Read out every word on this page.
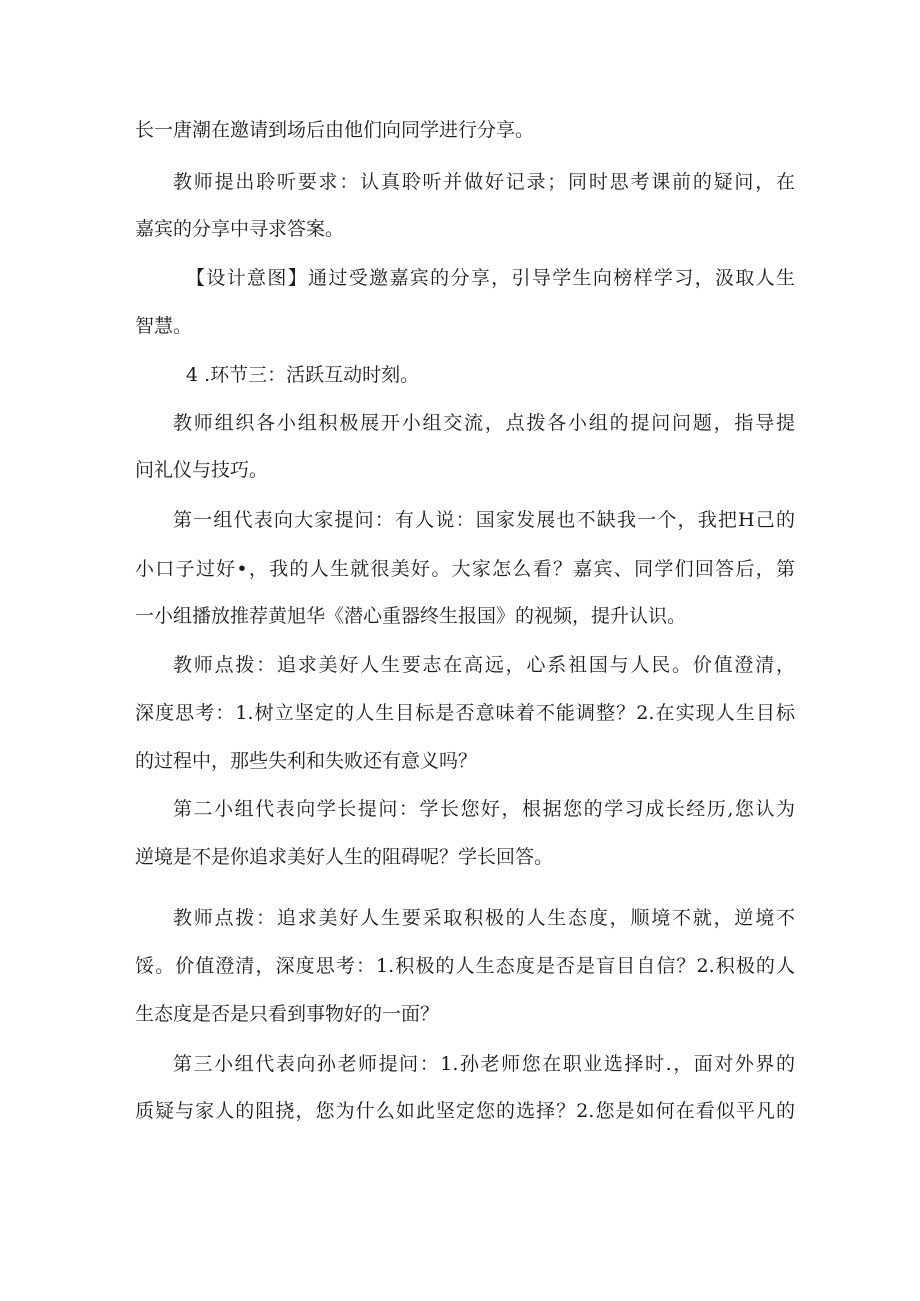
长一唐潮在邀请到场后由他们向同学进行分享。
教师提出聆听要求：认真聆听并做好记录；同时思考课前的疑问，在
嘉宾的分享中寻求答案。
【设计意图】通过受邀嘉宾的分享，引导学生向榜样学习，汲取人生
智慧。
4 .环节三：活跃互动时刻。
教师组织各小组积极展开小组交流，点拨各小组的提问问题，指导提
问礼仪与技巧。
第一组代表向大家提问：有人说：国家发展也不缺我一个，我把H己的
小口子过好•，我的人生就很美好。大家怎么看？嘉宾、同学们回答后，第
一小组播放推荐黄旭华《潜心重器终生报国》的视频，提升认识。
教师点拨：追求美好人生要志在高远，心系祖国与人民。价值澄清，
深度思考：1.树立坚定的人生目标是否意味着不能调整？2.在实现人生目标
的过程中，那些失利和失败还有意义吗？
第二小组代表向学长提问：学长您好，根据您的学习成长经历,您认为
逆境是不是你追求美好人生的阻碍呢？学长回答。
教师点拨：追求美好人生要采取积极的人生态度，顺境不就，逆境不
馁。价值澄清，深度思考：1.积极的人生态度是否是盲目自信？2.积极的人
生态度是否是只看到事物好的一面？
第三小组代表向孙老师提问：1.孙老师您在职业选择时.，面对外界的
质疑与家人的阻挠，您为什么如此坚定您的选择？2.您是如何在看似平凡的
